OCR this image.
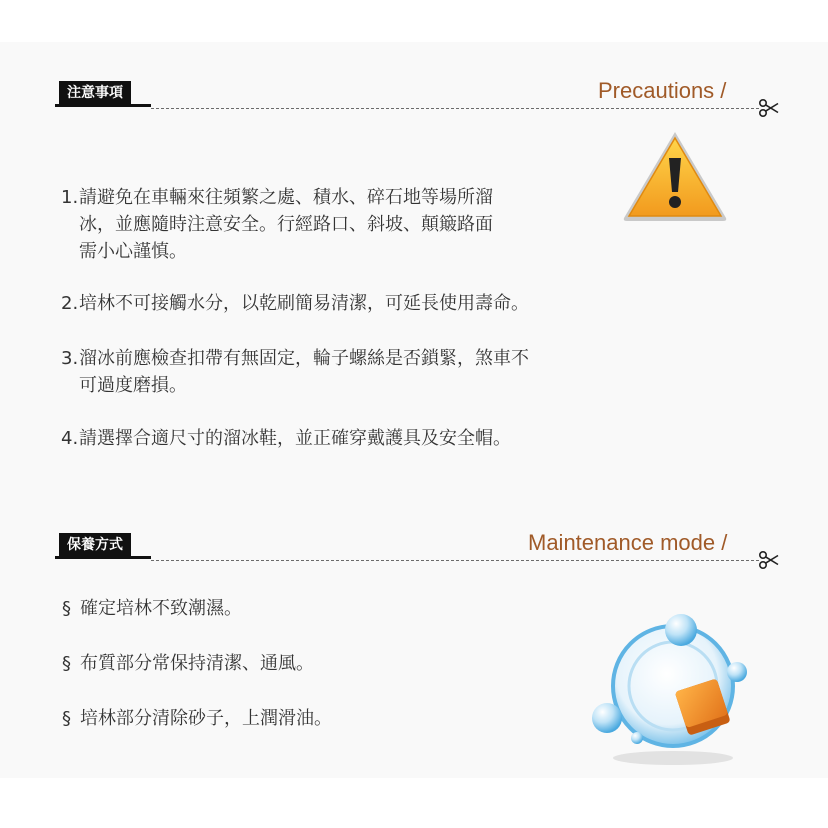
注意事項	Precautions /
1.請避免在車輛來往頻繁之處、積水、碎石地等場所溜
冰，並應隨時注意安全。行經路口、斜坡、顛簸路面
需小心謹慎。
2.培林不可接觸水分，以乾刷簡易清潔，可延長使用壽命。
3.溜冰前應檢查扣帶有無固定，輪子螺絲是否鎖緊，煞車不
可過度磨損。
4.請選擇合適尺寸的溜冰鞋，並正確穿戴護具及安全帽。
保養方式	Maintenance mode /
§ 確定培林不致潮濕。
§ 布質部分常保持清潔、通風。
§ 培林部分清除砂子，上潤滑油。
